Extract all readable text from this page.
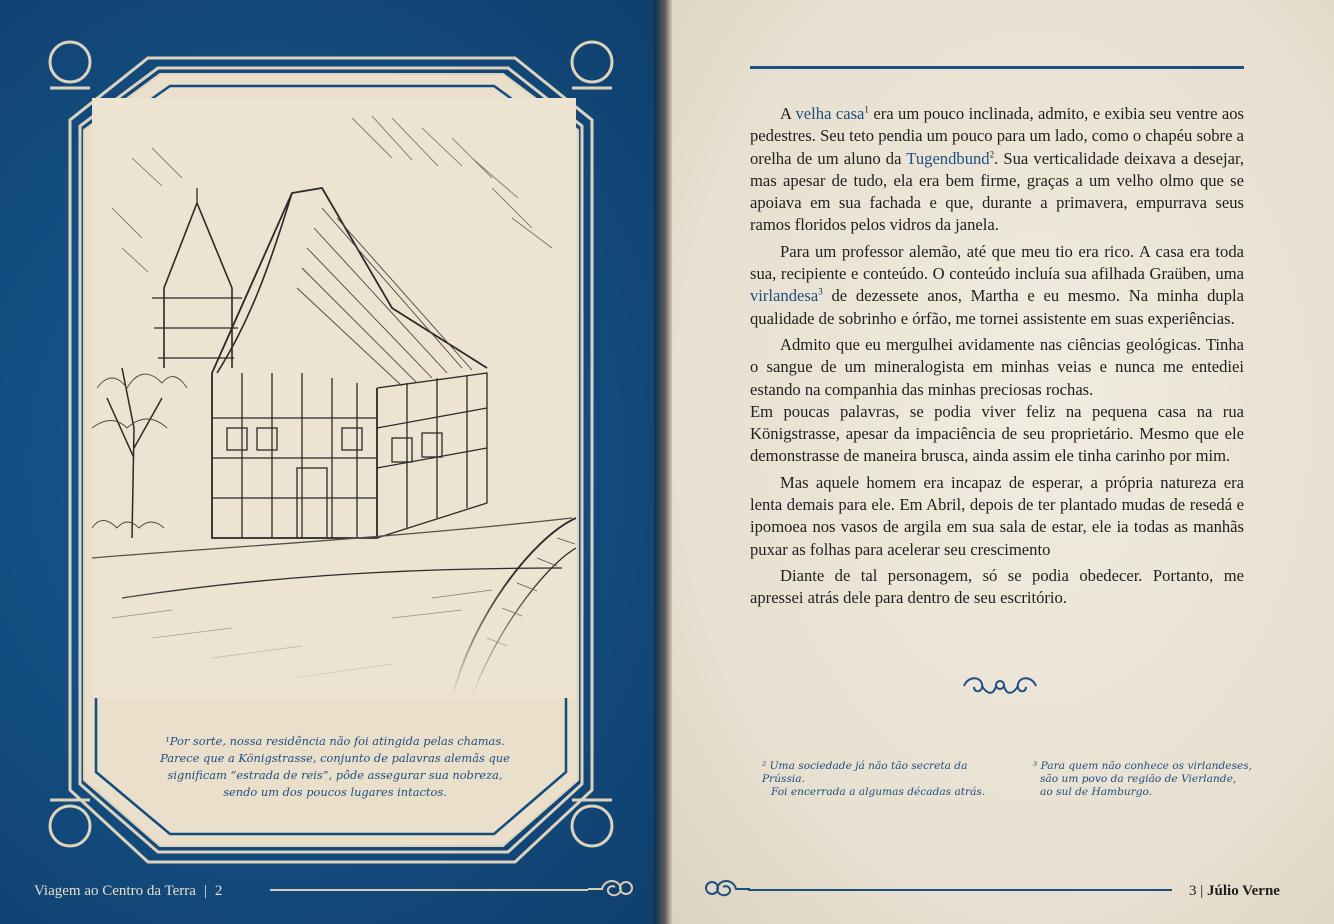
¹Por sorte, nossa residência não foi atingida pelas chamas.

Parece que a Königstrasse, conjunto de palavras alemãs que

significam “estrada de reis”, pôde assegurar sua nobreza,

sendo um dos poucos lugares intactos.

Viagem ao Centro da Terra | 2

A velha casa$^1$ era um pouco inclinada, admito, e exibia seu ventre aos pedestres. Seu teto pendia um pouco para um lado, como o chapéu sobre a orelha de um aluno da Tugendbund$^2$. Sua verticalidade deixava a desejar, mas apesar de tudo, ela era bem firme, graças a um velho olmo que se apoiava em sua fachada e que, durante a primavera, empurrava seus ramos floridos pelos vidros da janela.

Para um professor alemão, até que meu tio era rico. A casa era toda sua, recipiente e conteúdo. O conteúdo incluía sua afilhada Graüben, uma virlandesa$^3$ de dezessete anos, Martha e eu mesmo. Na minha dupla qualidade de sobrinho e órfão, me tornei assistente em suas experiências.

Admito que eu mergulhei avidamente nas ciências geológicas. Tinha o sangue de um mineralogista em minhas veias e nunca me entediei estando na companhia das minhas preciosas rochas.

Em poucas palavras, se podia viver feliz na pequena casa na rua Königstrasse, apesar da impaciência de seu proprietário. Mesmo que ele demonstrasse de maneira brusca, ainda assim ele tinha carinho por mim.

Mas aquele homem era incapaz de esperar, a própria natureza era lenta demais para ele. Em Abril, depois de ter plantado mudas de resedá e ipomoea nos vasos de argila em sua sala de estar, ele ia todas as manhãs puxar as folhas para acelerar seu crescimento

Diante de tal personagem, só se podia obedecer. Portanto, me apressei atrás dele para dentro de seu escritório.

² Uma sociedade já não tão secreta da Prússia.
Foi encerrada a algumas décadas atrás.
³ Para quem não conhece os virlandeses,
são um povo da região de Vierlande,
ao sul de Hamburgo.
3 | Júlio Verne
